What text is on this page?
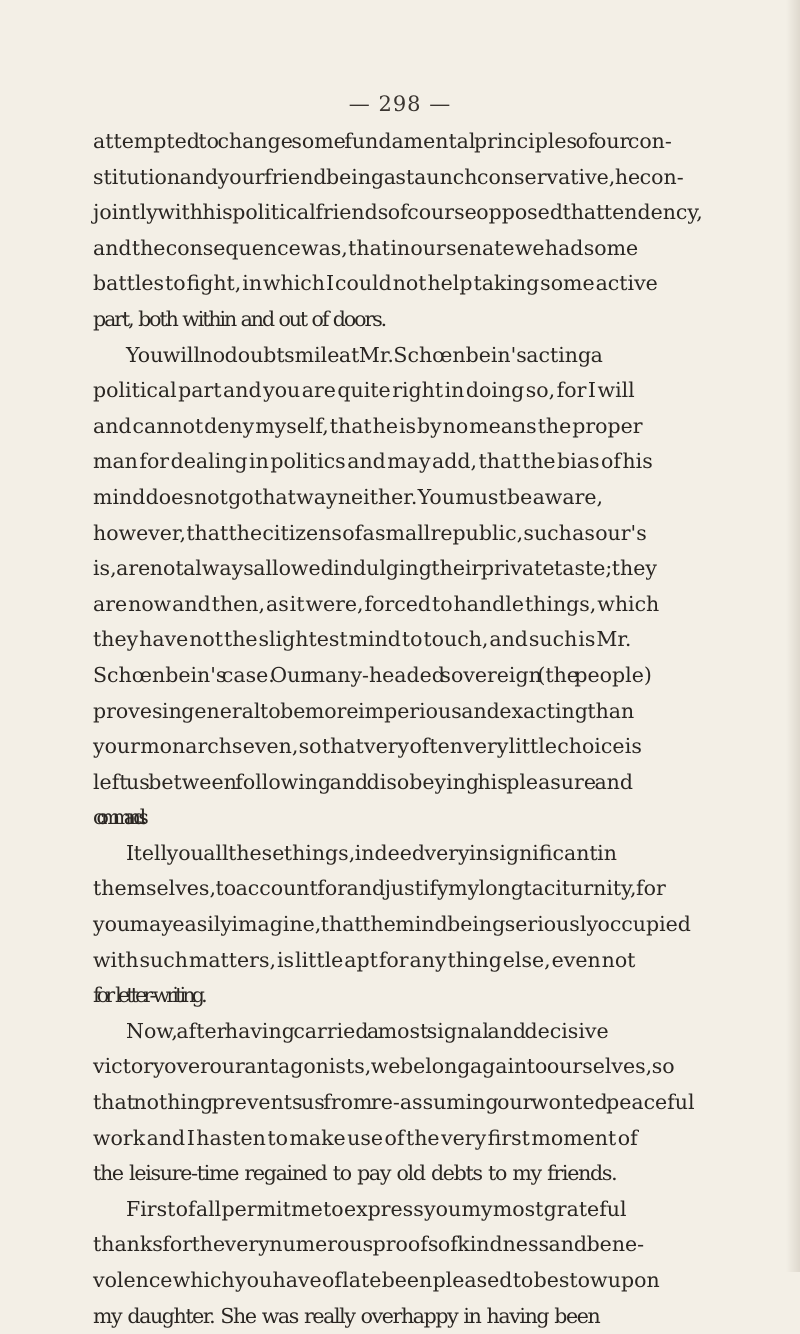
— 298 —
attempted to change some fundamental principles of our con-
stitution and your friend being a staunch conservative, he con-
jointly with his political friends of course opposed that tendency,
and the consequence was, that in our senate we had some
battles to fight, in which I could not help taking some active
part, both within and out of doors.
You will no doubt smile at Mr. Schœnbein's acting a
political part and you are quite right in doing so, for I will
and cannot deny myself, that he is by no means the proper
man for dealing in politics and may add, that the bias of his
mind does not go that way neither. You must be aware,
however, that the citizens of a small republic, such as our's
is, are not always allowed indulging their private taste; they
are now and then, as it were, forced to handle things, which
they have not the slightest mind to touch, and such is Mr.
Schœnbein's case. Our many-headed sovereign (the people)
proves in general to be more imperious and exacting than
your monarchs even, so that very often very little choice is
left us between following and disobeying his pleasure and
commands.
I tell you all these things, indeed very insignificant in
themselves, to account for and justify my long taciturnity, for
you may easily imagine, that the mind being seriously occupied
with such matters, is little apt for any thing else, even not
for letter-writing.
Now, after having carried a most signal and decisive
victory over our antagonists, we belong again to ourselves, so
that nothing prevents us from re-assuming our wonted peaceful
work and I hasten to make use of the very first moment of
the leisure-time regained to pay old debts to my friends.
First of all permit me to express you my most grateful
thanks for the very numerous proofs of kindness and bene-
volence which you have of late been pleased to bestow upon
my daughter. She was really overhappy in having been
